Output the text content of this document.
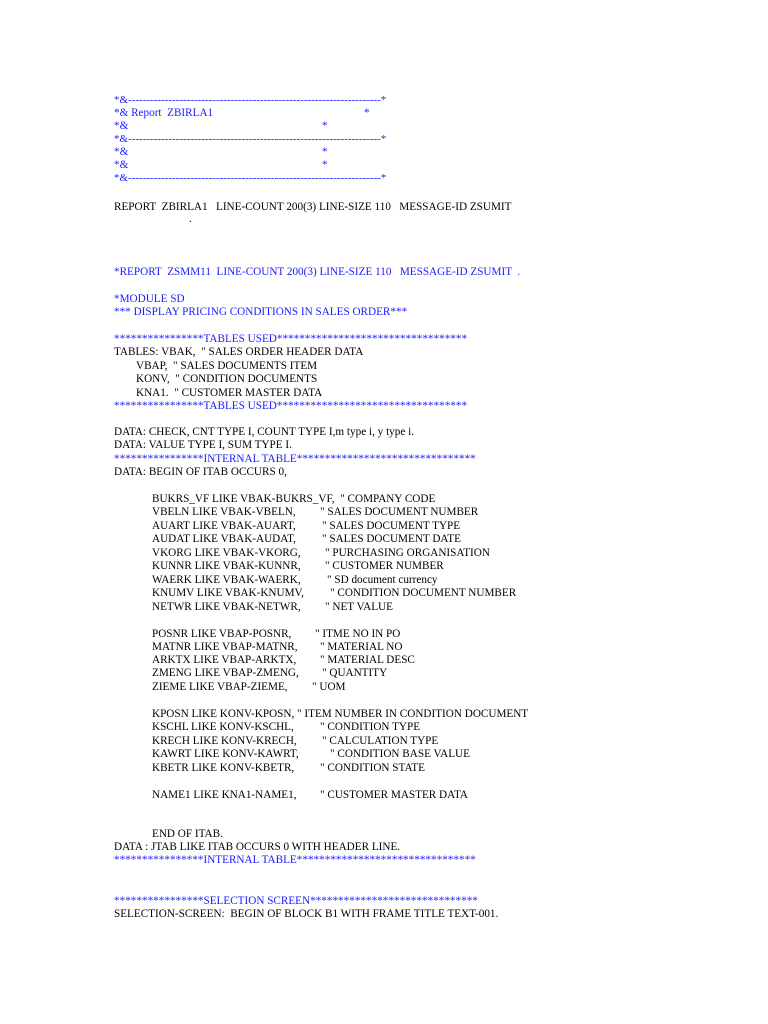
*&---------------------------------------------------------------------*
*& Report  ZBIRLA1	*
*&	*
*&---------------------------------------------------------------------*
*&	*
*&	*
*&---------------------------------------------------------------------*
REPORT  ZBIRLA1   LINE-COUNT 200(3) LINE-SIZE 110   MESSAGE-ID ZSUMIT
.
*REPORT  ZSMM11  LINE-COUNT 200(3) LINE-SIZE 110   MESSAGE-ID ZSUMIT  .
*MODULE SD
*** DISPLAY PRICING CONDITIONS IN SALES ORDER***
****************TABLES USED**********************************
TABLES: VBAK,  " SALES ORDER HEADER DATA
VBAP,  " SALES DOCUMENTS ITEM
KONV,  " CONDITION DOCUMENTS
KNA1.  " CUSTOMER MASTER DATA
****************TABLES USED**********************************
DATA: CHECK, CNT TYPE I, COUNT TYPE I,m type i, y type i.
DATA: VALUE TYPE I, SUM TYPE I.
****************INTERNAL TABLE********************************
DATA: BEGIN OF ITAB OCCURS 0,
BUKRS_VF LIKE VBAK-BUKRS_VF,  " COMPANY CODE
VBELN LIKE VBAK-VBELN, " SALES DOCUMENT NUMBER
AUART LIKE VBAK-AUART, " SALES DOCUMENT TYPE
AUDAT LIKE VBAK-AUDAT, " SALES DOCUMENT DATE
VKORG LIKE VBAK-VKORG, " PURCHASING ORGANISATION
KUNNR LIKE VBAK-KUNNR, " CUSTOMER NUMBER
WAERK LIKE VBAK-WAERK, " SD document currency
KNUMV LIKE VBAK-KNUMV, " CONDITION DOCUMENT NUMBER
NETWR LIKE VBAK-NETWR, " NET VALUE
POSNR LIKE VBAP-POSNR, " ITME NO IN PO
MATNR LIKE VBAP-MATNR, " MATERIAL NO
ARKTX LIKE VBAP-ARKTX, " MATERIAL DESC
ZMENG LIKE VBAP-ZMENG, " QUANTITY
ZIEME LIKE VBAP-ZIEME, " UOM
KPOSN LIKE KONV-KPOSN, " ITEM NUMBER IN CONDITION DOCUMENT
KSCHL LIKE KONV-KSCHL, " CONDITION TYPE
KRECH LIKE KONV-KRECH, " CALCULATION TYPE
KAWRT LIKE KONV-KAWRT,	" CONDITION BASE VALUE
KBETR LIKE KONV-KBETR, " CONDITION STATE
NAME1 LIKE KNA1-NAME1, " CUSTOMER MASTER DATA
END OF ITAB.
DATA : JTAB LIKE ITAB OCCURS 0 WITH HEADER LINE.
****************INTERNAL TABLE********************************
****************SELECTION SCREEN******************************
SELECTION-SCREEN:  BEGIN OF BLOCK B1 WITH FRAME TITLE TEXT-001.
